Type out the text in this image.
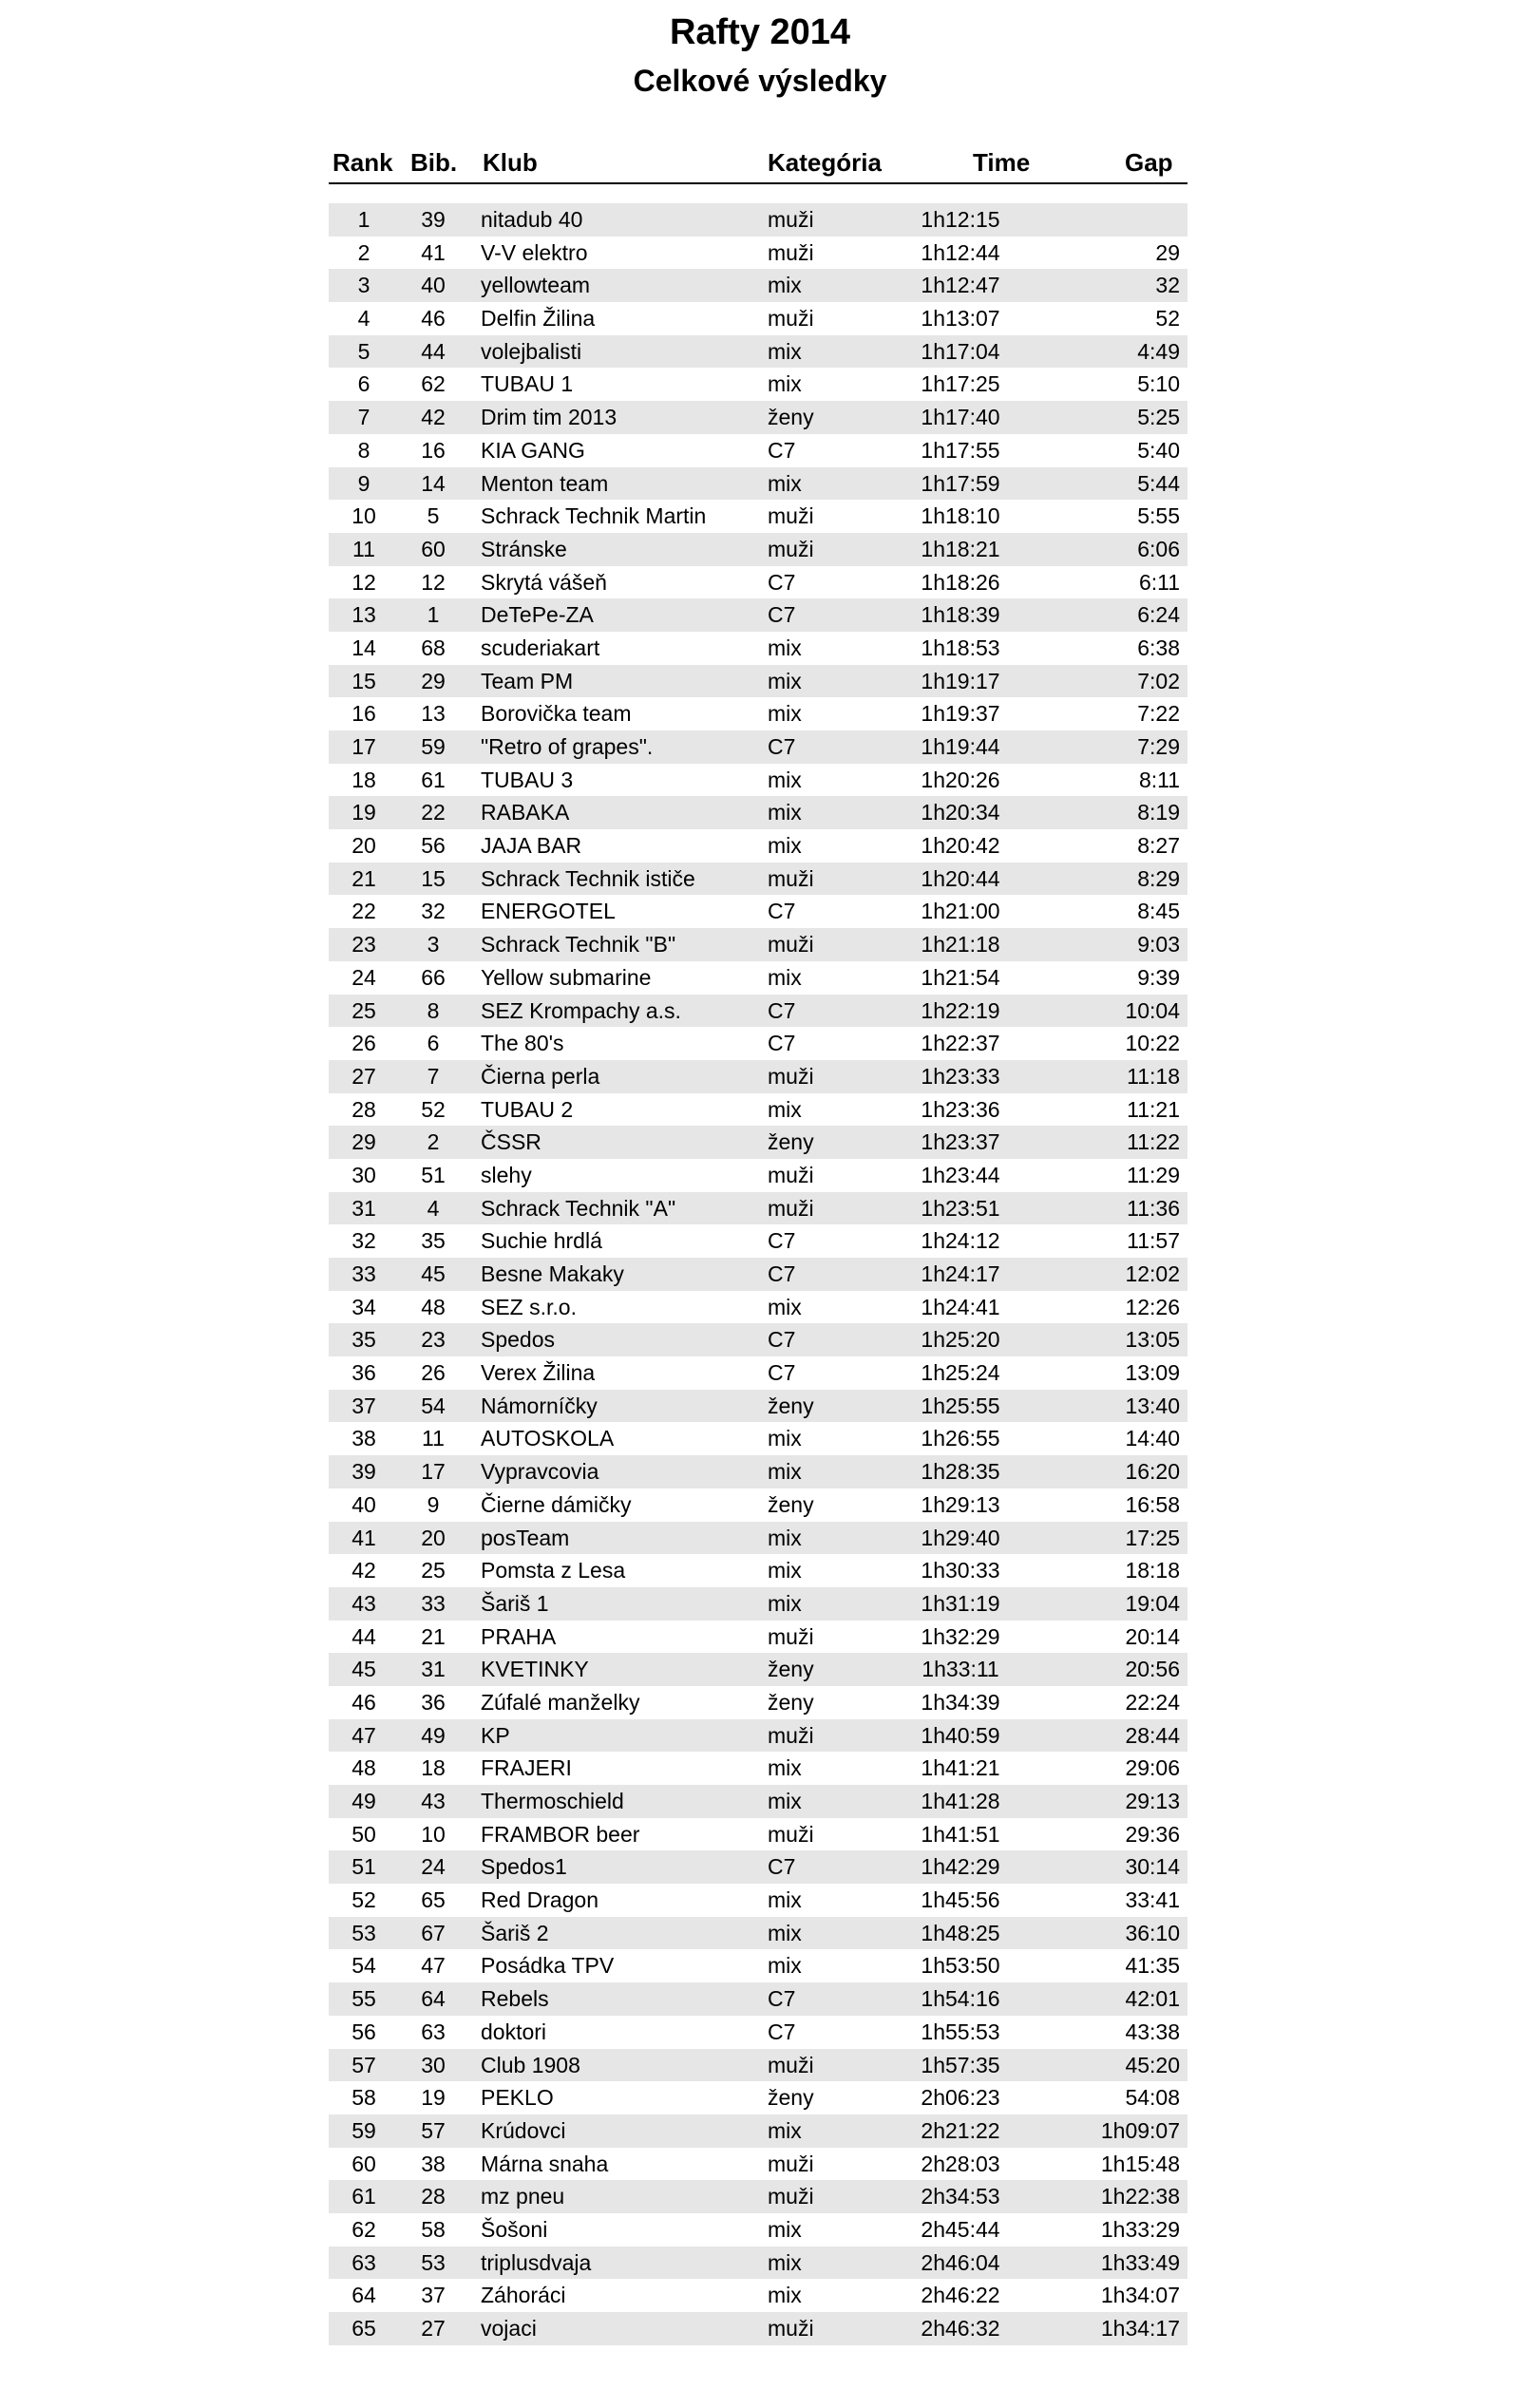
Rafty 2014
Celkové výsledky
Rank Bib. Klub	Kategória	Time	Gap
1	39	nitadub 40	muži	1h12:15
2	41	V-V elektro	muži	1h12:44	29
3	40	yellowteam	mix	1h12:47	32
4	46	Delfin Žilina	muži	1h13:07	52
5	44	volejbalisti	mix	1h17:04	4:49
6	62	TUBAU 1	mix	1h17:25	5:10
7	42	Drim tim 2013	ženy	1h17:40	5:25
8	16	KIA GANG	C7	1h17:55	5:40
9	14	Menton team	mix	1h17:59	5:44
10	5	Schrack Technik Martin	muži	1h18:10	5:55
11	60	Stránske	muži	1h18:21	6:06
12	12	Skrytá vášeň	C7	1h18:26	6:11
13	1	DeTePe-ZA	C7	1h18:39	6:24
14	68	scuderiakart	mix	1h18:53	6:38
15	29	Team PM	mix	1h19:17	7:02
16	13	Borovička team	mix	1h19:37	7:22
17	59	"Retro of grapes".	C7	1h19:44	7:29
18	61	TUBAU 3	mix	1h20:26	8:11
19	22	RABAKA	mix	1h20:34	8:19
20	56	JAJA BAR	mix	1h20:42	8:27
21	15	Schrack Technik ističe	muži	1h20:44	8:29
22	32	ENERGOTEL	C7	1h21:00	8:45
23	3	Schrack Technik "B"	muži	1h21:18	9:03
24	66	Yellow submarine	mix	1h21:54	9:39
25	8	SEZ Krompachy a.s.	C7	1h22:19	10:04
26	6	The 80's	C7	1h22:37	10:22
27	7	Čierna perla	muži	1h23:33	11:18
28	52	TUBAU 2	mix	1h23:36	11:21
29	2	ČSSR	ženy	1h23:37	11:22
30	51	slehy	muži	1h23:44	11:29
31	4	Schrack Technik "A"	muži	1h23:51	11:36
32	35	Suchie hrdlá	C7	1h24:12	11:57
33	45	Besne Makaky	C7	1h24:17	12:02
34	48	SEZ s.r.o.	mix	1h24:41	12:26
35	23	Spedos	C7	1h25:20	13:05
36	26	Verex Žilina	C7	1h25:24	13:09
37	54	Námorníčky	ženy	1h25:55	13:40
38	11	AUTOSKOLA	mix	1h26:55	14:40
39	17	Vypravcovia	mix	1h28:35	16:20
40	9	Čierne dámičky	ženy	1h29:13	16:58
41	20	posTeam	mix	1h29:40	17:25
42	25	Pomsta z Lesa	mix	1h30:33	18:18
43	33	Šariš 1	mix	1h31:19	19:04
44	21	PRAHA	muži	1h32:29	20:14
45	31	KVETINKY	ženy	1h33:11	20:56
46	36	Zúfalé manželky	ženy	1h34:39	22:24
47	49	KP	muži	1h40:59	28:44
48	18	FRAJERI	mix	1h41:21	29:06
49	43	Thermoschield	mix	1h41:28	29:13
50	10	FRAMBOR beer	muži	1h41:51	29:36
51	24	Spedos1	C7	1h42:29	30:14
52	65	Red Dragon	mix	1h45:56	33:41
53	67	Šariš 2	mix	1h48:25	36:10
54	47	Posádka TPV	mix	1h53:50	41:35
55	64	Rebels	C7	1h54:16	42:01
56	63	doktori	C7	1h55:53	43:38
57	30	Club 1908	muži	1h57:35	45:20
58	19	PEKLO	ženy	2h06:23	54:08
59	57	Krúdovci	mix	2h21:22	1h09:07
60	38	Márna snaha	muži	2h28:03	1h15:48
61	28	mz pneu	muži	2h34:53	1h22:38
62	58	Šošoni	mix	2h45:44	1h33:29
63	53	triplusdvaja	mix	2h46:04	1h33:49
64	37	Záhoráci	mix	2h46:22	1h34:07
65	27	vojaci	muži	2h46:32	1h34:17
